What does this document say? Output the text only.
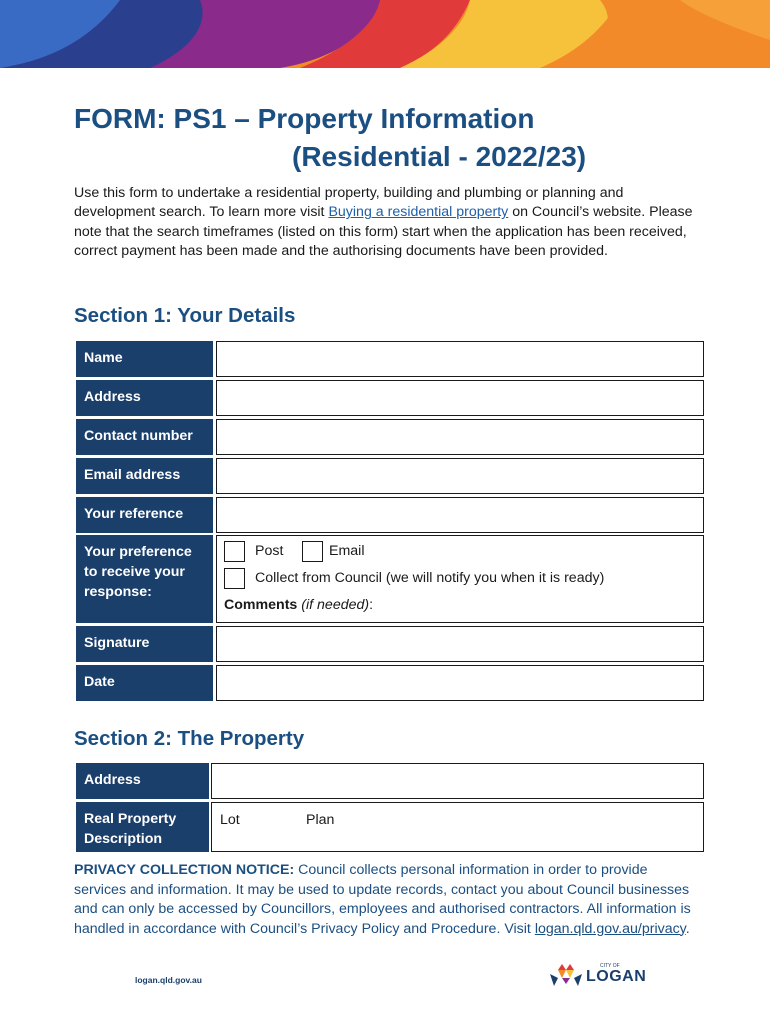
FORM: PS1 – Property Information
(Residential - 2022/23)
Use this form to undertake a residential property, building and plumbing or planning and development search. To learn more visit Buying a residential property on Council’s website. Please note that the search timeframes (listed on this form) start when the application has been received, correct payment has been made and the authorising documents have been provided.
Section 1: Your Details
Name
Address
Contact number
Email address
Your reference
Your preference to receive your response:
Post	Email
Collect from Council (we will notify you when it is ready)
Comments (if needed):
Signature
Date
Section 2: The Property
Address
Real Property Description
Lot	Plan
PRIVACY COLLECTION NOTICE: Council collects personal information in order to provide services and information. It may be used to update records, contact you about Council businesses and can only be accessed by Councillors, employees and authorised contractors. All information is handled in accordance with Council’s Privacy Policy and Procedure. Visit logan.qld.gov.au/privacy.
logan.qld.gov.au
CITY OF
LOGAN
